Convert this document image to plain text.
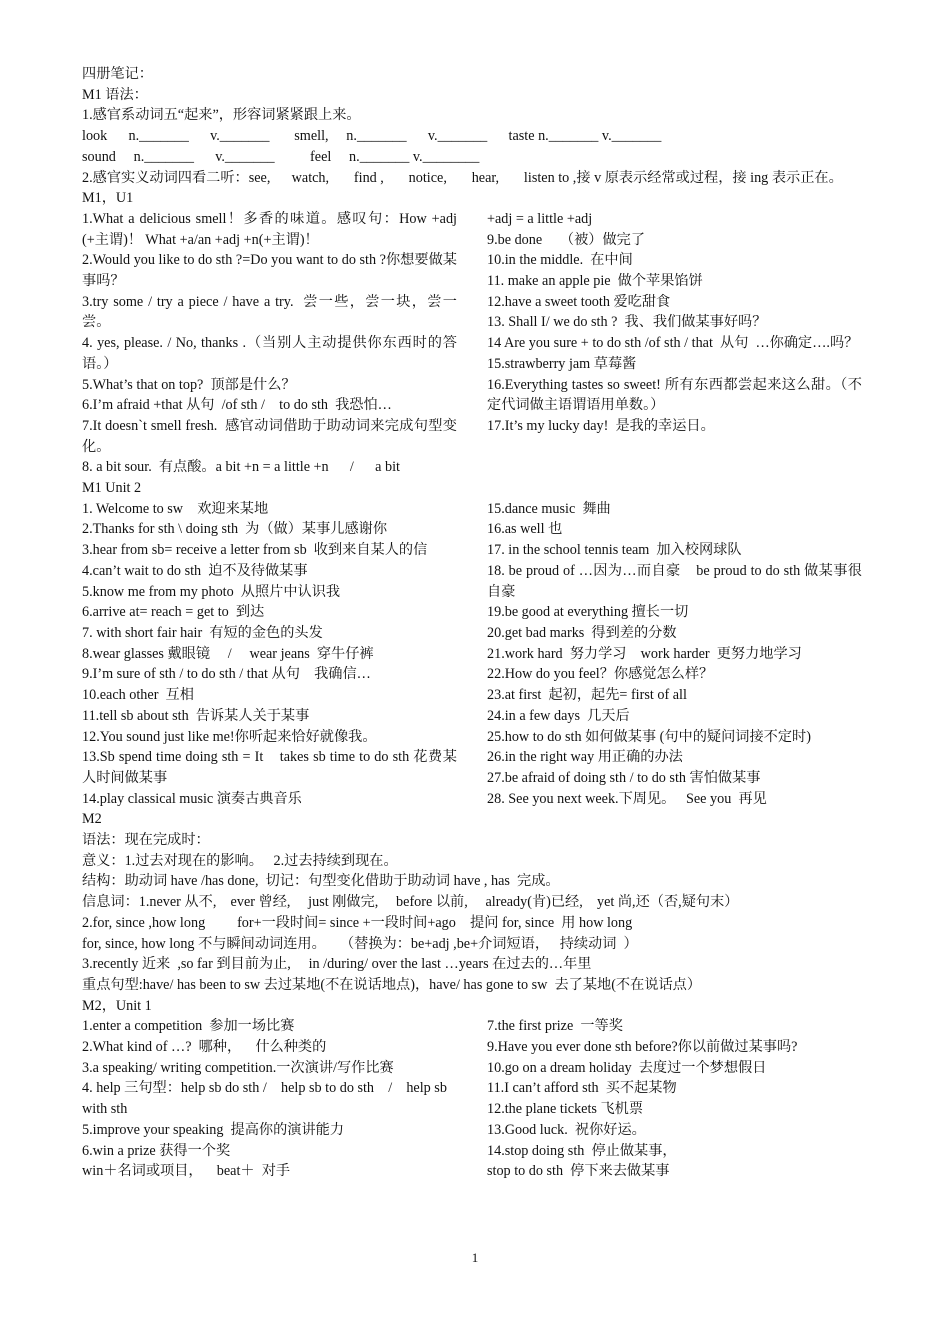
四册笔记：
M1 语法：
1.感官系动词五“起来”，形容词紧紧跟上来。
look      n._______      v._______       smell,     n._______      v._______      taste n._______ v._______
sound     n._______      v._______          feel     n._______ v.________
2.感官实义动词四看二听：see,      watch,       find ,       notice,       hear,       listen to ,接 v 原表示经常或过程，接 ing 表示正在。
M1，U1
1.What a delicious smell！多香的味道。感叹句：How +adj (+主谓)！ What +a/an +adj +n(+主谓)！
2.Would you like to do sth ?=Do you want to do sth ?你想要做某事吗？
3.try some / try a piece / have a try.  尝一些，尝一块，尝一尝。
4. yes, please. / No, thanks .（当别人主动提供你东西时的答语。）
5.What’s that on top?  顶部是什么？
6.I’m afraid +that 从句  /of sth /    to do sth  我恐怕…
7.It doesn`t smell fresh.  感官动词借助于助动词来完成句型变化。
8. a bit sour.  有点酸。a bit +n = a little +n      /      a bit
+adj = a little +adj
9.be done     （被）做完了
10.in the middle.  在中间
11. make an apple pie  做个苹果馅饼
12.have a sweet tooth 爱吃甜食
13. Shall I/ we do sth ?  我、我们做某事好吗？
14 Are you sure + to do sth /of sth / that  从句  …你确定….吗？
15.strawberry jam 草莓酱
16.Everything tastes so sweet! 所有东西都尝起来这么甜。（不定代词做主语谓语用单数。）
17.It’s my lucky day!  是我的幸运日。
M1 Unit 2
1. Welcome to sw    欢迎来某地
2.Thanks for sth \ doing sth  为（做）某事儿感谢你
3.hear from sb= receive a letter from sb  收到来自某人的信
4.can’t wait to do sth  迫不及待做某事
5.know me from my photo  从照片中认识我
6.arrive at= reach = get to  到达
7. with short fair hair  有短的金色的头发
8.wear glasses 戴眼镜     /     wear jeans  穿牛仔裤
9.I’m sure of sth / to do sth / that 从句    我确信…
10.each other  互相
11.tell sb about sth  告诉某人关于某事
12.You sound just like me!你听起来恰好就像我。
13.Sb spend time doing sth = It    takes sb time to do sth 花费某人时间做某事
14.play classical music 演奏古典音乐
15.dance music  舞曲
16.as well 也
17. in the school tennis team  加入校网球队
18. be proud of …因为…而自豪    be proud to do sth 做某事很自豪
19.be good at everything 擅长一切
20.get bad marks  得到差的分数
21.work hard  努力学习    work harder  更努力地学习
22.How do you feel？你感觉怎么样？
23.at first  起初，起先= first of all
24.in a few days  几天后
25.how to do sth 如何做某事 (句中的疑问词接不定时)
26.in the right way 用正确的办法
27.be afraid of doing sth / to do sth 害怕做某事
28. See you next week.下周见。   See you  再见
M2
语法：现在完成时：
意义：1.过去对现在的影响。   2.过去持续到现在。
结构：助动词 have /has done,  切记：句型变化借助于助动词 have , has  完成。
信息词：1.never 从不,    ever 曾经,     just 刚做完,     before 以前,     already(肯)已经,    yet 尚,还（否,疑句末）
2.for, since ,how long         for+一段时间= since +一段时间+ago    提问 for, since  用 how long
for, since, how long 不与瞬间动词连用。    （替换为：be+adj ,be+介词短语，   持续动词  ）
3.recently 近来  ,so far 到目前为止,     in /during/ over the last …years 在过去的…年里
重点句型:have/ has been to sw 去过某地(不在说话地点)，have/ has gone to sw  去了某地(不在说话点）
M2，Unit 1
1.enter a competition  参加一场比赛
2.What kind of …?  哪种，    什么种类的
3.a speaking/ writing competition.一次演讲/写作比赛
4. help 三句型：help sb do sth /    help sb to do sth    /    help sb with sth
5.improve your speaking  提高你的演讲能力
6.win a prize 获得一个奖
win＋名词或项目，    beat＋  对手
7.the first prize  一等奖
9.Have you ever done sth before?你以前做过某事吗?
10.go on a dream holiday  去度过一个梦想假日
11.I can’t afford sth  买不起某物
12.the plane tickets 飞机票
13.Good luck.  祝你好运。
14.stop doing sth  停止做某事，
stop to do sth  停下来去做某事
1
